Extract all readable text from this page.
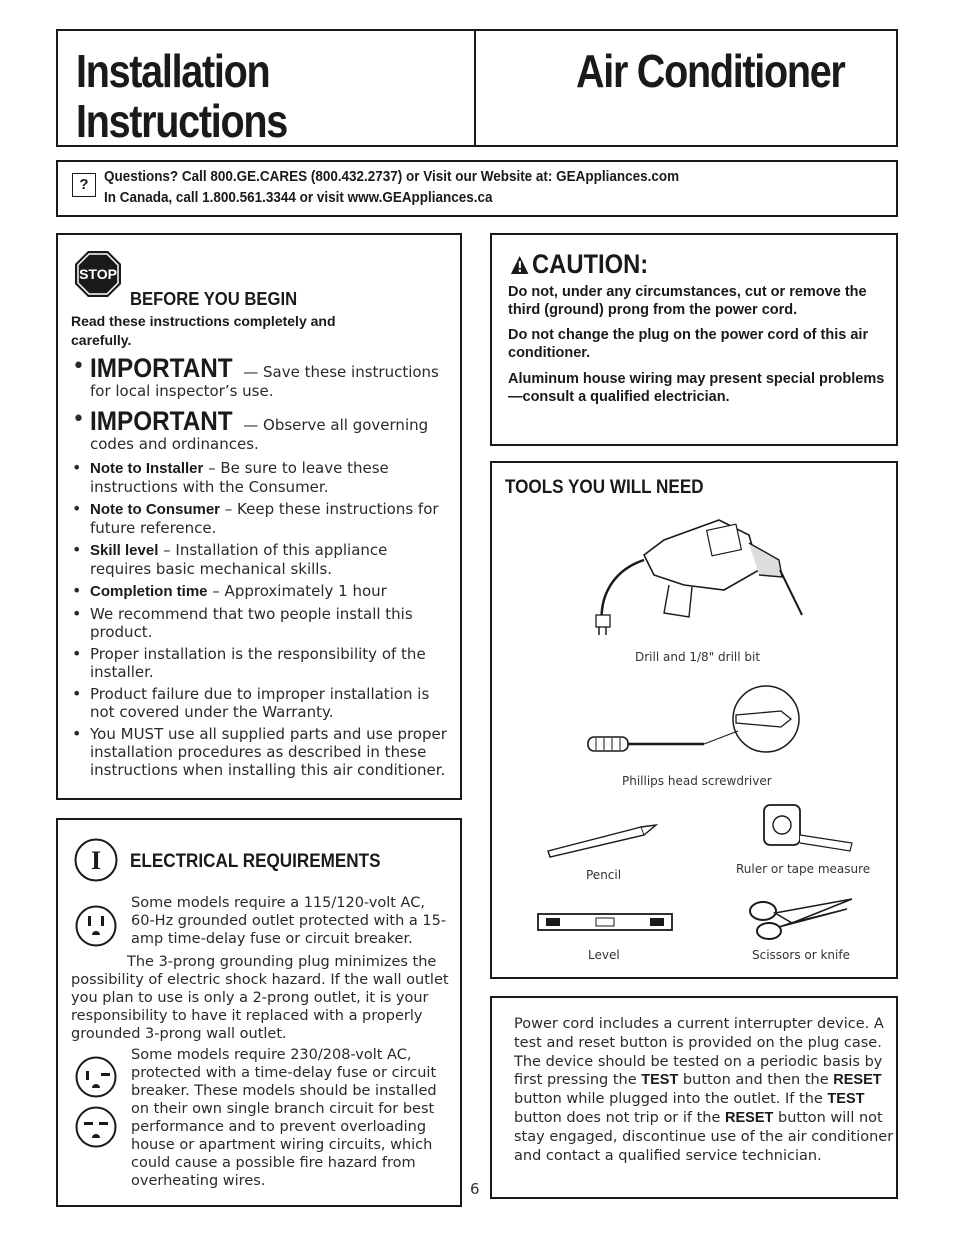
Installation
Instructions
Air Conditioner
?	Questions? Call 800.GE.CARES (800.432.2737) or Visit our Website at: GEAppliances.com
In Canada, call 1.800.561.3344 or visit www.GEAppliances.ca
STOP
BEFORE YOU BEGIN
Read these instructions completely and carefully.
• IMPORTANT — Save these instructions for local inspector’s use.
• IMPORTANT — Observe all governing codes and ordinances.
• Note to Installer – Be sure to leave these instructions with the Consumer.
• Note to Consumer – Keep these instructions for future reference.
• Skill level – Installation of this appliance requires basic mechanical skills.
• Completion time – Approximately 1 hour
• We recommend that two people install this product.
• Proper installation is the responsibility of the installer.
• Product failure due to improper installation is not covered under the Warranty.
• You MUST use all supplied parts and use proper installation procedures as described in these instructions when installing this air conditioner.
CAUTION:
Do not, under any circumstances, cut or remove the third (ground) prong from the power cord.
Do not change the plug on the power cord of this air conditioner.
Aluminum house wiring may present special problems—consult a qualified electrician.
TOOLS YOU WILL NEED
Drill and 1/8" drill bit
Phillips head screwdriver
Pencil	Ruler or tape measure
Level	Scissors or knife
I ELECTRICAL REQUIREMENTS
Some models require a 115/120-volt AC, 60-Hz grounded outlet protected with a 15-amp time-delay fuse or circuit breaker.
The 3-prong grounding plug minimizes the possibility of electric shock hazard. If the wall outlet you plan to use is only a 2-prong outlet, it is your responsibility to have it replaced with a properly grounded 3-prong wall outlet.
Some models require 230/208-volt AC, protected with a time-delay fuse or circuit breaker. These models should be installed on their own single branch circuit for best performance and to prevent overloading house or apartment wiring circuits, which could cause a possible fire hazard from overheating wires.	6
Power cord includes a current interrupter device. A test and reset button is provided on the plug case. The device should be tested on a periodic basis by first pressing the TEST button and then the RESET button while plugged into the outlet. If the TEST button does not trip or if the RESET button will not stay engaged, discontinue use of the air conditioner and contact a qualified service technician.
